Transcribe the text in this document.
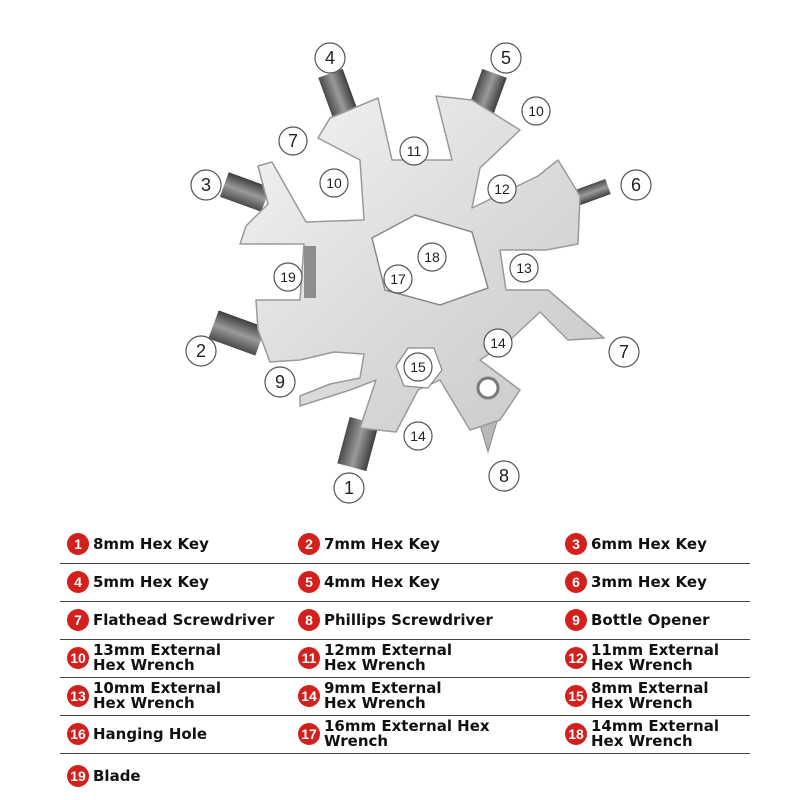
4	5
10
7	11
3	10	12	6
19
18
17
13
2	14	7
9
15
14
8
1
1 8mm Hex Key	2 7mm Hex Key	3 6mm Hex Key
4 5mm Hex Key	5 4mm Hex Key	6 3mm Hex Key
7 Flathead Screwdriver	8 Phillips Screwdriver	9 Bottle Opener
10 13mm External Hex Wrench	11 12mm External Hex Wrench	12 11mm External Hex Wrench
13 10mm External Hex Wrench	14 9mm External Hex Wrench	15 8mm External Hex Wrench
16 Hanging Hole	17 16mm External Hex Wrench	18 14mm External Hex Wrench
19 Blade
